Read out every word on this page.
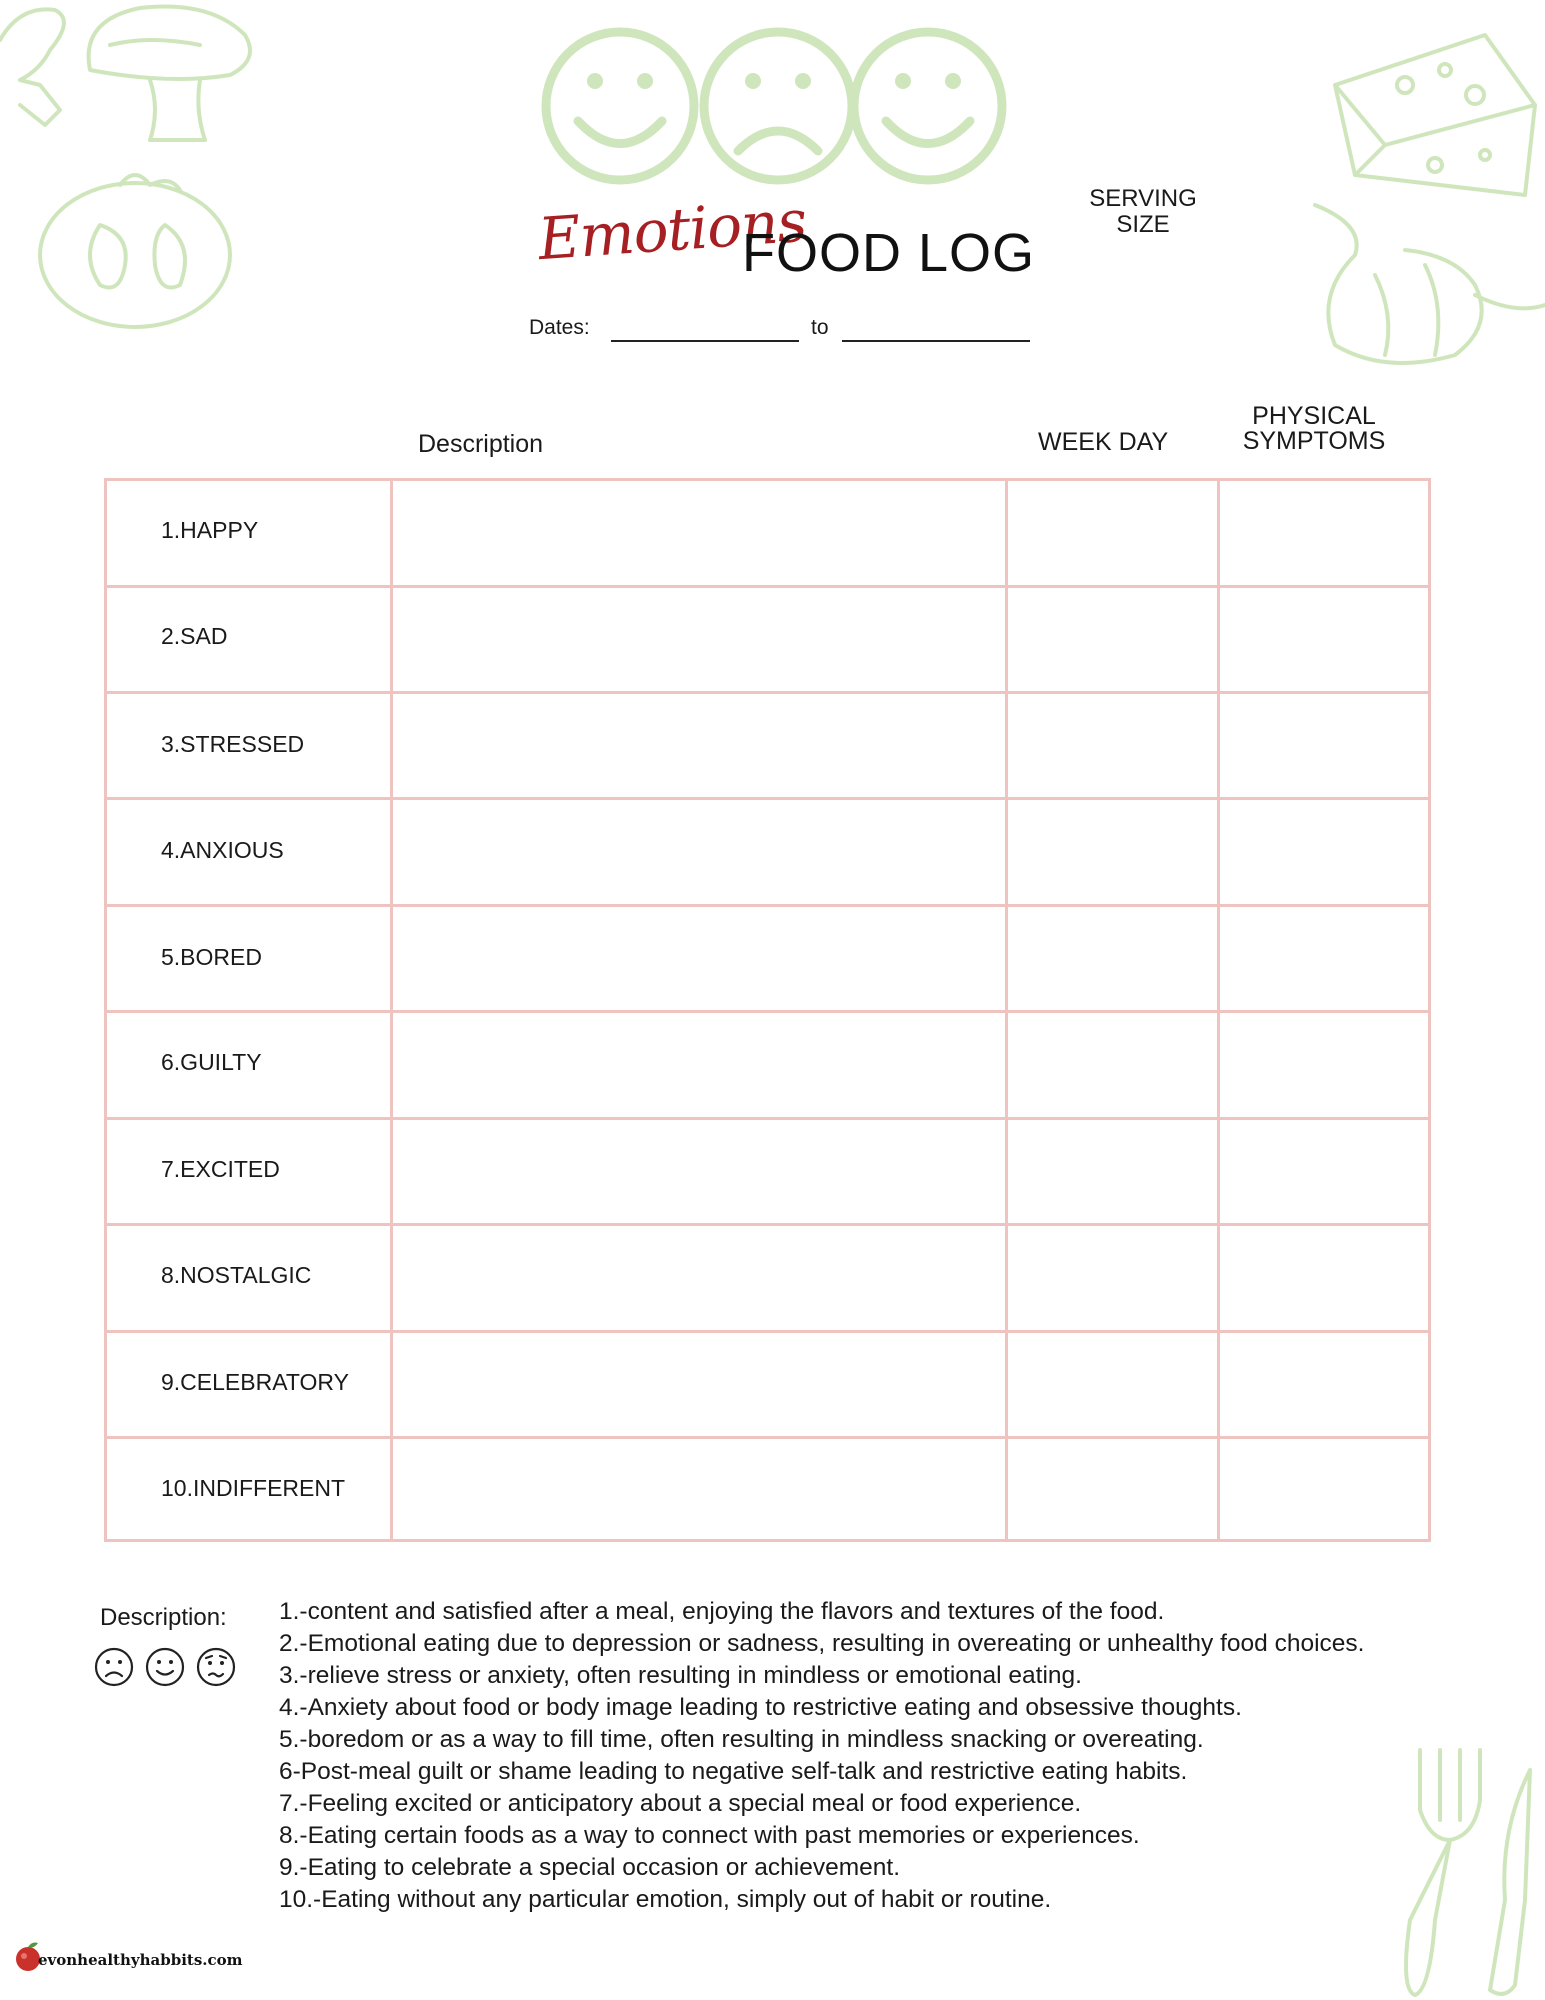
Emotions
FOOD LOG
SERVING
SIZE
Dates:	to
Description	WEEK DAY
PHYSICAL
SYMPTOMS
1.HAPPY
2.SAD
3.STRESSED
4.ANXIOUS
5.BORED
6.GUILTY
7.EXCITED
8.NOSTALGIC
9.CELEBRATORY
10.INDIFFERENT
Description: 1.-content and satisfied after a meal, enjoying the flavors and textures of the food.
2.-Emotional eating due to depression or sadness, resulting in overeating or unhealthy food choices.
3.-relieve stress or anxiety, often resulting in mindless or emotional eating.
4.-Anxiety about food or body image leading to restrictive eating and obsessive thoughts.
5.-boredom or as a way to fill time, often resulting in mindless snacking or overeating.
6-Post-meal guilt or shame leading to negative self-talk and restrictive eating habits.
7.-Feeling excited or anticipatory about a special meal or food experience.
8.-Eating certain foods as a way to connect with past memories or experiences.
9.-Eating to celebrate a special occasion or achievement.
10.-Eating without any particular emotion, simply out of habit or routine.
evonhealthyhabbits.com
